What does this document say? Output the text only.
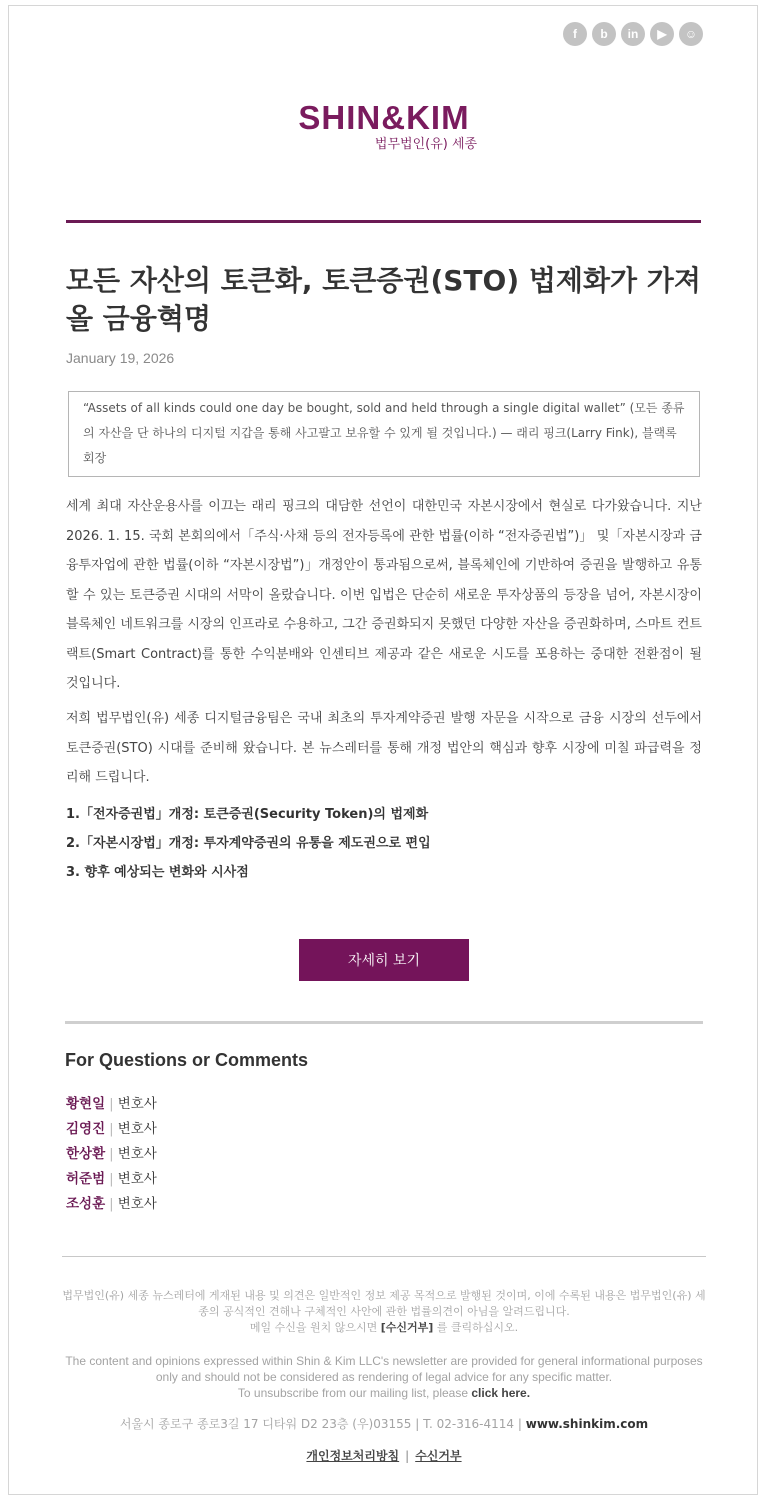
f	b	in	▶	☺
SHIN&KIM
법무법인(유) 세종
모든 자산의 토큰화, 토큰증권(STO) 법제화가 가져올 금융혁명
January 19, 2026
“Assets of all kinds could one day be bought, sold and held through a single digital wallet” (모든 종류의 자산을 단 하나의 디지털 지갑을 통해 사고팔고 보유할 수 있게 될 것입니다.) — 래리 핑크(Larry Fink), 블랙록 회장

세계 최대 자산운용사를 이끄는 래리 핑크의 대담한 선언이 대한민국 자본시장에서 현실로 다가왔습니다. 지난 2026. 1. 15. 국회 본회의에서「주식·사채 등의 전자등록에 관한 법률(이하 “전자증권법”)」 및「자본시장과 금융투자업에 관한 법률(이하 “자본시장법”)」개정안이 통과됨으로써, 블록체인에 기반하여 증권을 발행하고 유통할 수 있는 토큰증권 시대의 서막이 올랐습니다. 이번 입법은 단순히 새로운 투자상품의 등장을 넘어, 자본시장이 블록체인 네트워크를 시장의 인프라로 수용하고, 그간 증권화되지 못했던 다양한 자산을 증권화하며, 스마트 컨트랙트(Smart Contract)를 통한 수익분배와 인센티브 제공과 같은 새로운 시도를 포용하는 중대한 전환점이 될 것입니다.

저희 법무법인(유) 세종 디지털금융팀은 국내 최초의 투자계약증권 발행 자문을 시작으로 금융 시장의 선두에서 토큰증권(STO) 시대를 준비해 왔습니다. 본 뉴스레터를 통해 개정 법안의 핵심과 향후 시장에 미칠 파급력을 정리해 드립니다.

1.「전자증권법」개정: 토큰증권(Security Token)의 법제화
2.「자본시장법」개정: 투자계약증권의 유통을 제도권으로 편입
3. 향후 예상되는 변화와 시사점
자세히 보기
For Questions or Comments
황현일 | 변호사
김영진 | 변호사
한상환 | 변호사
허준범 | 변호사
조성훈 | 변호사
법무법인(유) 세종 뉴스레터에 게재된 내용 및 의견은 일반적인 정보 제공 목적으로 발행된 것이며, 이에 수록된 내용은 법무법인(유) 세종의 공식적인 견해나 구체적인 사안에 관한 법률의견이 아님을 알려드립니다.
메일 수신을 원치 않으시면 [수신거부] 를 클릭하십시오.
The content and opinions expressed within Shin & Kim LLC's newsletter are provided for general informational purposes only and should not be considered as rendering of legal advice for any specific matter.
To unsubscribe from our mailing list, please click here.
서울시 종로구 종로3길 17 디타워 D2 23층 (우)03155 | T. 02-316-4114 | www.shinkim.com
개인정보처리방침 | 수신거부
